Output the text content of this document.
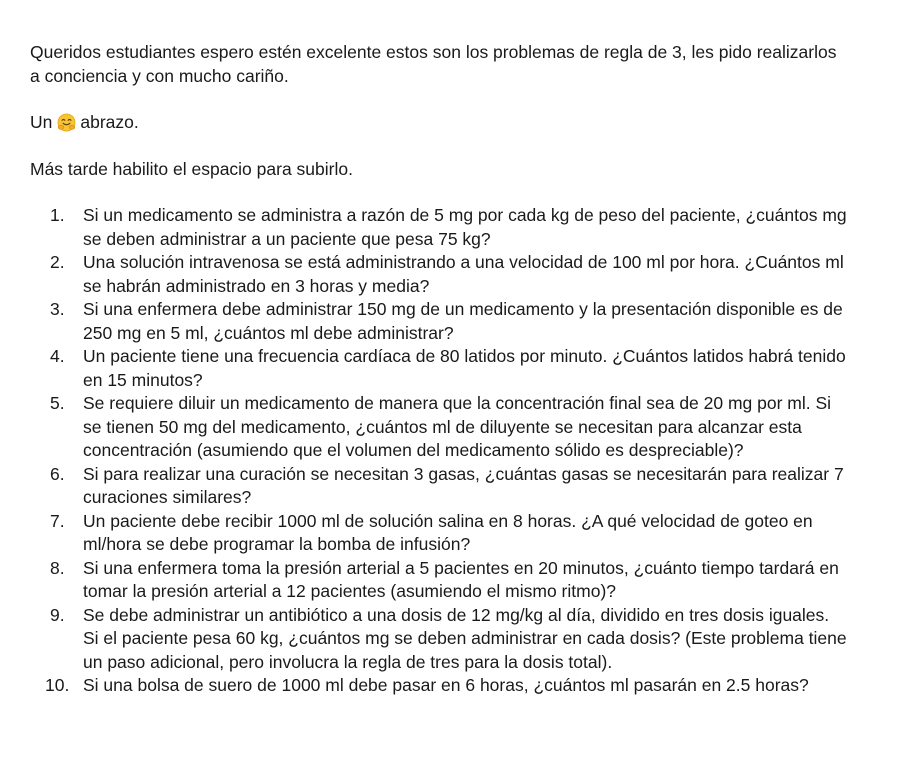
Queridos estudiantes espero estén excelente estos son los problemas de regla de 3, les pido realizarlos a conciencia y con mucho cariño.

Un abrazo.

Más tarde habilito el espacio para subirlo.

1. Si un medicamento se administra a razón de 5 mg por cada kg de peso del paciente, ¿cuántos mg se deben administrar a un paciente que pesa 75 kg?
2. Una solución intravenosa se está administrando a una velocidad de 100 ml por hora. ¿Cuántos ml se habrán administrado en 3 horas y media?
3. Si una enfermera debe administrar 150 mg de un medicamento y la presentación disponible es de 250 mg en 5 ml, ¿cuántos ml debe administrar?
4. Un paciente tiene una frecuencia cardíaca de 80 latidos por minuto. ¿Cuántos latidos habrá tenido en 15 minutos?
5. Se requiere diluir un medicamento de manera que la concentración final sea de 20 mg por ml. Si se tienen 50 mg del medicamento, ¿cuántos ml de diluyente se necesitan para alcanzar esta concentración (asumiendo que el volumen del medicamento sólido es despreciable)?
6. Si para realizar una curación se necesitan 3 gasas, ¿cuántas gasas se necesitarán para realizar 7 curaciones similares?
7. Un paciente debe recibir 1000 ml de solución salina en 8 horas. ¿A qué velocidad de goteo en ml/hora se debe programar la bomba de infusión?
8. Si una enfermera toma la presión arterial a 5 pacientes en 20 minutos, ¿cuánto tiempo tardará en tomar la presión arterial a 12 pacientes (asumiendo el mismo ritmo)?
9. Se debe administrar un antibiótico a una dosis de 12 mg/kg al día, dividido en tres dosis iguales. Si el paciente pesa 60 kg, ¿cuántos mg se deben administrar en cada dosis? (Este problema tiene un paso adicional, pero involucra la regla de tres para la dosis total).
10. Si una bolsa de suero de 1000 ml debe pasar en 6 horas, ¿cuántos ml pasarán en 2.5 horas?
